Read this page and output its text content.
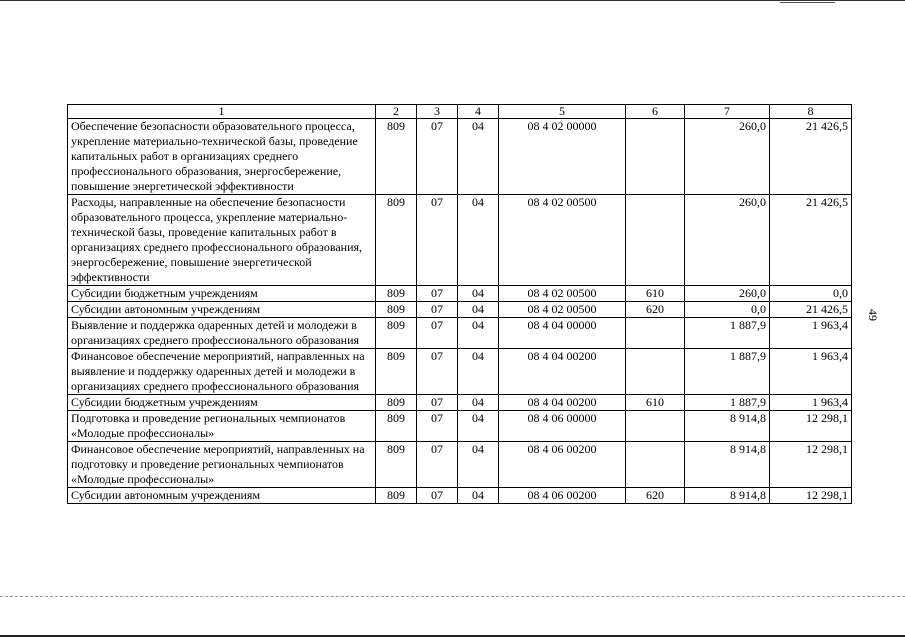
49
1	2	3	4	5	6	7	8
Обеспечение безопасности образовательного процесса, укрепление материально-технической базы, проведение капитальных работ в организациях среднего профессионального образования, энергосбережение, повышение энергетической эффективности	809	07	04	08 4 02 00000		260,0	21 426,5
Расходы, направленные на обеспечение безопасности образовательного процесса, укрепление материально-технической базы, проведение капитальных работ в организациях среднего профессионального образования, энергосбережение, повышение энергетической эффективности	809	07	04	08 4 02 00500		260,0	21 426,5
Субсидии бюджетным учреждениям	809	07	04	08 4 02 00500	610	260,0	0,0
Субсидии автономным учреждениям	809	07	04	08 4 02 00500	620	0,0	21 426,5
Выявление и поддержка одаренных детей и молодежи в организациях среднего профессионального образования	809	07	04	08 4 04 00000		1 887,9	1 963,4
Финансовое обеспечение мероприятий, направленных на выявление и поддержку одаренных детей и молодежи в организациях среднего профессионального образования	809	07	04	08 4 04 00200		1 887,9	1 963,4
Субсидии бюджетным учреждениям	809	07	04	08 4 04 00200	610	1 887,9	1 963,4
Подготовка и проведение региональных чемпионатов «Молодые профессионалы»	809	07	04	08 4 06 00000		8 914,8	12 298,1
Финансовое обеспечение мероприятий, направленных на подготовку и проведение региональных чемпионатов «Молодые профессионалы»	809	07	04	08 4 06 00200		8 914,8	12 298,1
Субсидии автономным учреждениям	809	07	04	08 4 06 00200	620	8 914,8	12 298,1
